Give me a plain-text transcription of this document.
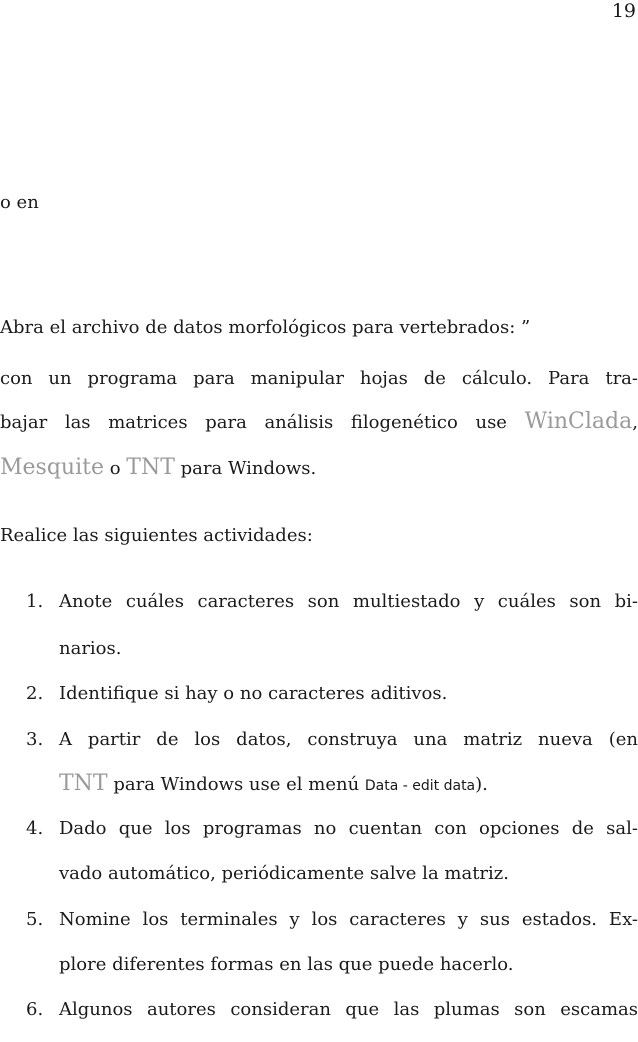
19
o en
Abra el archivo de datos morfológicos para vertebrados: ”
con un programa para manipular hojas de cálculo. Para tra-
bajar las matrices para análisis filogenético use WinClada,
Mesquite o TNT para Windows.
Realice las siguientes actividades:
1. Anote cuáles caracteres son multiestado y cuáles son bi-
narios.
2. Identifique si hay o no caracteres aditivos.
3. A partir de los datos, construya una matriz nueva (en
TNT para Windows use el menú Data - edit data).
4. Dado que los programas no cuentan con opciones de sal-
vado automático, periódicamente salve la matriz.
5. Nomine los terminales y los caracteres y sus estados. Ex-
plore diferentes formas en las que puede hacerlo.
6. Algunos autores consideran que las plumas son escamas
